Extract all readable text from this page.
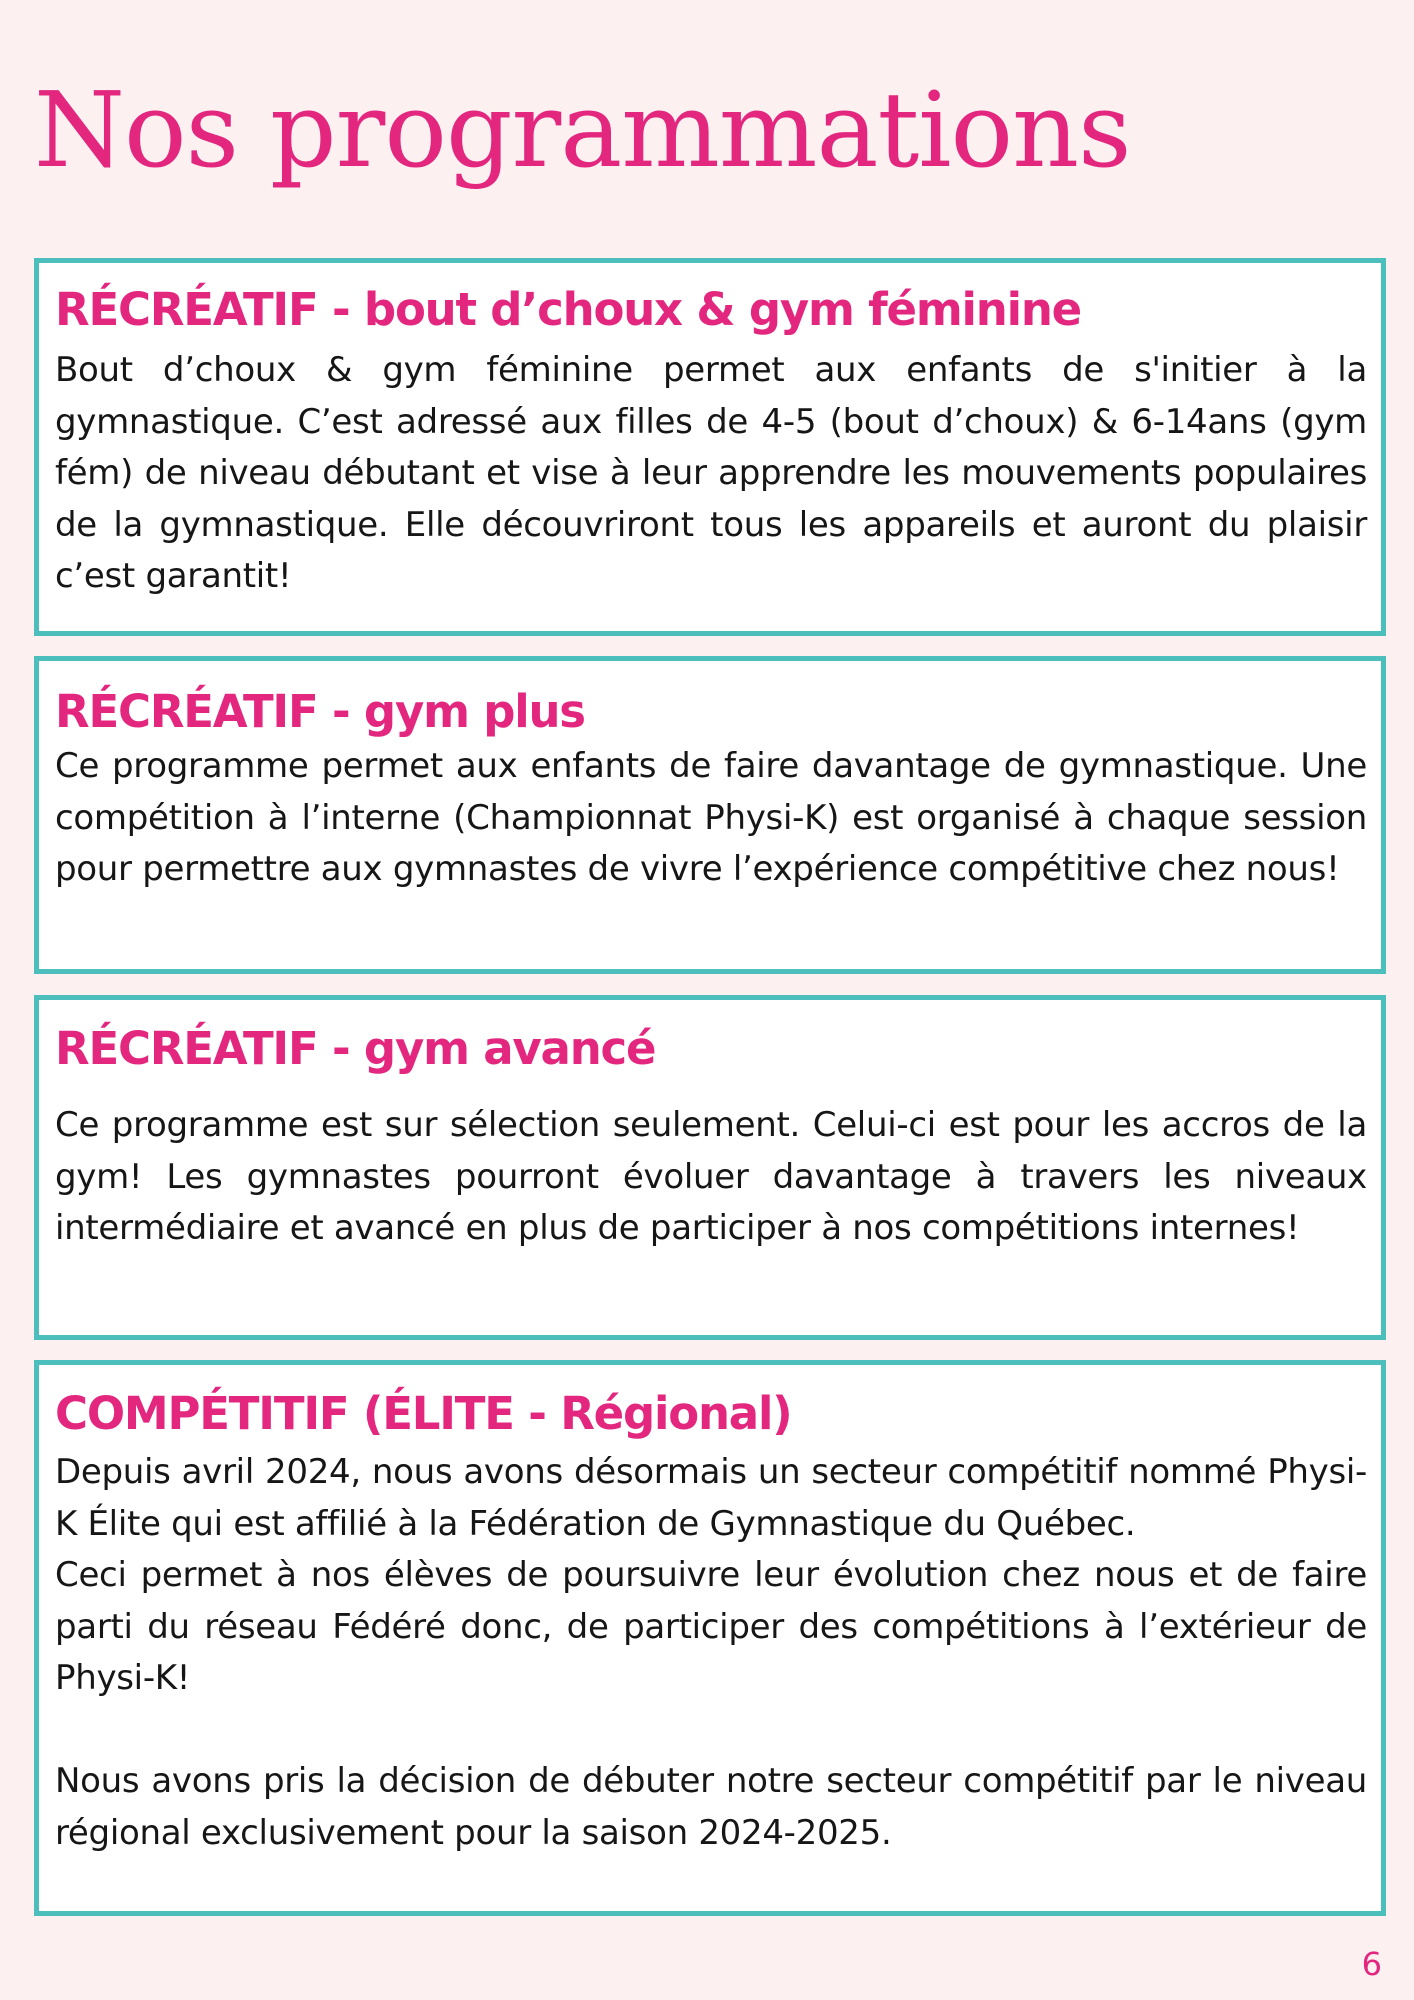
Nos programmations
RÉCRÉATIF - bout d’choux & gym féminine

Bout d’choux & gym féminine permet aux enfants de s'initier à la gymnastique. C’est adressé aux filles de 4-5 (bout d’choux) & 6-14ans (gym fém) de niveau débutant et vise à leur apprendre les mouvements populaires de la gymnastique. Elle découvriront tous les appareils et auront du plaisir c’est garantit!

RÉCRÉATIF - gym plus

Ce programme permet aux enfants de faire davantage de gymnastique. Une compétition à l’interne (Championnat Physi-K) est organisé à chaque session pour permettre aux gymnastes de vivre l’expérience compétitive chez nous!

RÉCRÉATIF - gym avancé

Ce programme est sur sélection seulement. Celui-ci est pour les accros de la gym! Les gymnastes pourront évoluer davantage à travers les niveaux intermédiaire et avancé en plus de participer à nos compétitions internes!

COMPÉTITIF (ÉLITE - Régional)

Depuis avril 2024, nous avons désormais un secteur compétitif nommé Physi-K Élite qui est affilié à la Fédération de Gymnastique du Québec.

Ceci permet à nos élèves de poursuivre leur évolution chez nous et de faire parti du réseau Fédéré donc, de participer des compétitions à l’extérieur de Physi-K!

Nous avons pris la décision de débuter notre secteur compétitif par le niveau régional exclusivement pour la saison 2024-2025.

6
